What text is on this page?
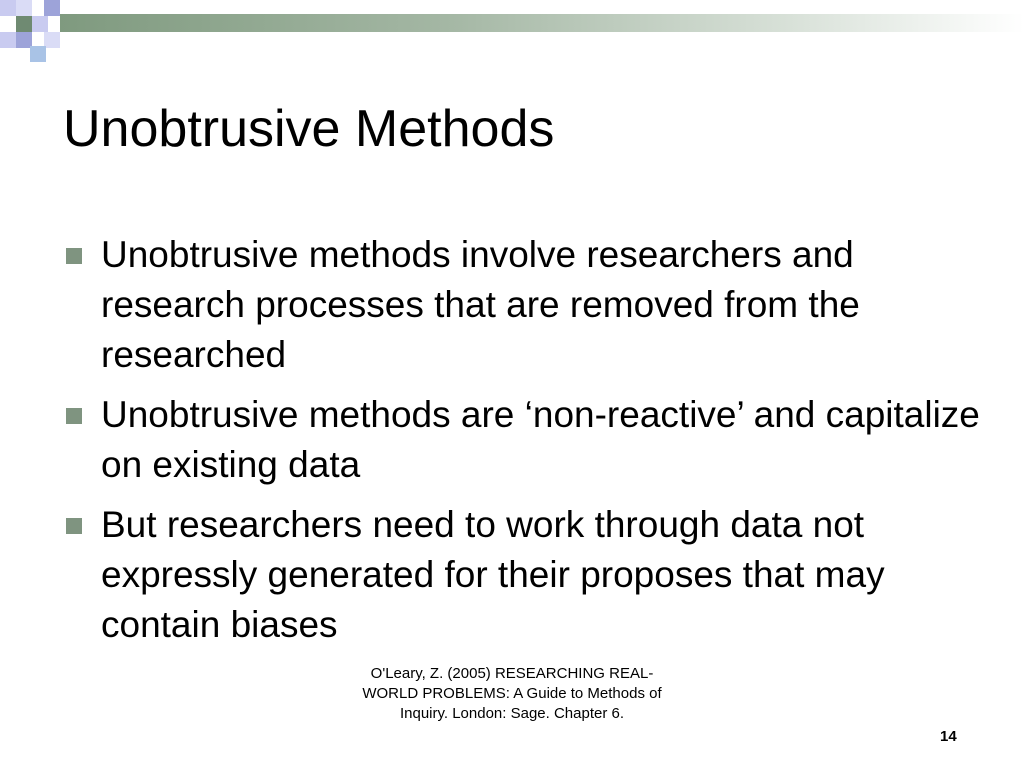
Unobtrusive Methods
Unobtrusive methods involve researchers and research processes that are removed from the researched
Unobtrusive methods are ‘non-reactive’ and capitalize on existing data
But researchers need to work through data not expressly generated for their proposes that may contain biases
O'Leary, Z. (2005) RESEARCHING REAL-WORLD PROBLEMS: A Guide to Methods of Inquiry. London: Sage. Chapter 6.
14
